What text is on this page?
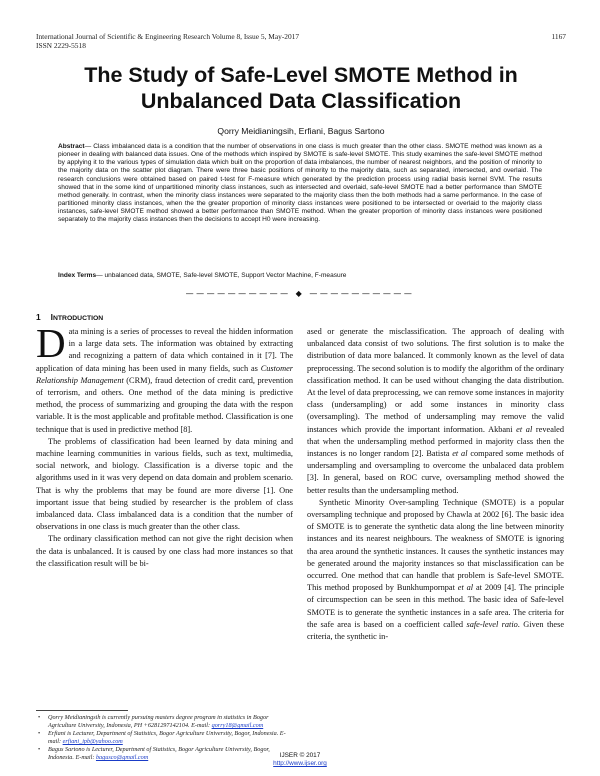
International Journal of Scientific & Engineering Research Volume 8, Issue 5, May-2017
ISSN 2229-5518
1167
The Study of Safe-Level SMOTE Method in
Unbalanced Data Classification
Qorry Meidianingsih, Erfiani, Bagus Sartono
Abstract— Class imbalanced data is a condition that the number of observations in one class is much greater than the other class. SMOTE method was known as a pioneer in dealing with balanced data issues. One of the methods which inspired by SMOTE is safe-level SMOTE. This study examines the safe-level SMOTE method by applying it to the various types of simulation data which built on the proportion of data imbalances, the number of nearest neighbors, and the position of minority to the majority data on the scatter plot diagram. There were three basic positions of minority to the majority data, such as separated, intersected, and overlaid. The research conclusions were obtained based on paired t-test for F-measure which generated by the prediction process using radial basis kernel SVM. The results showed that in the some kind of unpartitioned minority class instances, such as intersected and overlaid, safe-level SMOTE had a better performance than SMOTE method generally. In contrast, when the minority class instances were separated to the majority class then the both methods had a same performance. In the case of partitioned minority class instances, when the the greater proportion of minority class instances were positioned to be intersected or overlaid to the majority class instances, safe-level SMOTE method showed a better performance than SMOTE method. When the greater proportion of minority class instances were positioned separately to the majority class instances then the decisions to accept H0 were increasing.
Index Terms— unbalanced data, SMOTE, Safe-level SMOTE, Support Vector Machine, F-measure
—————————— ◆ ——————————
1 INTRODUCTION

Data mining is a series of processes to reveal the hidden information in a large data sets. The information was obtained by extracting and recognizing a pattern of data which contained in it [7]. The application of data mining has been used in many fields, such as Customer Relationship Management (CRM), fraud detection of credit card, prevention of terrorism, and others. One method of the data mining is predictive method, the process of summarizing and grouping the data with the respon variable. It is the most applicable and profitable method. Classification is one technique that is used in predictive method [8].

The problems of classification had been learned by data mining and machine learning communities in various fields, such as text, multimedia, social network, and biology. Classification is a diverse topic and the algorithms used in it was very depend on data domain and problem scenario. That is why the problems that may be found are more diverse [1]. One important issue that being studied by researcher is the problem of class imbalanced data. Class imbalanced data is a condition that the number of observations in one class is much greater than the other class.

The ordinary classification method can not give the right decision when the data is unbalanced. It is caused by one class had more instances so that the classification result will be bi-

ased or generate the misclassification. The approach of dealing with unbalanced data consist of two solutions. The first solution is to make the distribution of data more balanced. It commonly known as the level of data preprocessing. The second solution is to modify the algorithm of the ordinary classification method. It can be used without changing the data distribution. At the level of data preprocessing, we can remove some instances in majority class (undersampling) or add some instances in minority class (oversampling). The method of undersampling may remove the valid instances which provide the important information. Akbani et al revealed that when the undersampling method performed in majority class then the instances is no longer random [2]. Batista et al compared some methods of undersampling and oversampling to overcome the unbalaced data problem [3]. In general, based on ROC curve, oversampling method showed the better results than the undersampling method.

Synthetic Minority Over-sampling Technique (SMOTE) is a popular oversampling technique and proposed by Chawla at 2002 [6]. The basic idea of SMOTE is to generate the synthetic data along the line between minority instances and its nearest neighbours. The weakness of SMOTE is ignoring tha area around the synthetic instances. It causes the synthetic instances may be generated around the majority instances so that misclassification can be occurred. One method that can handle that problem is Safe-level SMOTE. This method proposed by Bunkhumpornpat et al at 2009 [4]. The principle of circumspection can be seen in this method. The basic idea of Safe-level SMOTE is to generate the synthetic instances in a safe area. The criteria for the safe area is based on a coefficient called safe-level ratio. Given these criteria, the synthetic in-

• Qorry Meidianingsih is currently pursuing masters degree program in statistics in Bogor Agriculture University, Indonesia, PH +6281297142104. E-mail: qorry18@gmail.com
• Erfiani is Lecturer, Department of Statistics, Bogor Agriculture University, Bogor, Indonesia. E-mail: erfiani_ipb@yahoo.com
• Bagus Sartono is Lecturer, Department of Statistics, Bogor Agriculture University, Bogor, Indonesia. E-mail: bagusco@gmail.com	IJSER © 2017
http://www.ijser.org
